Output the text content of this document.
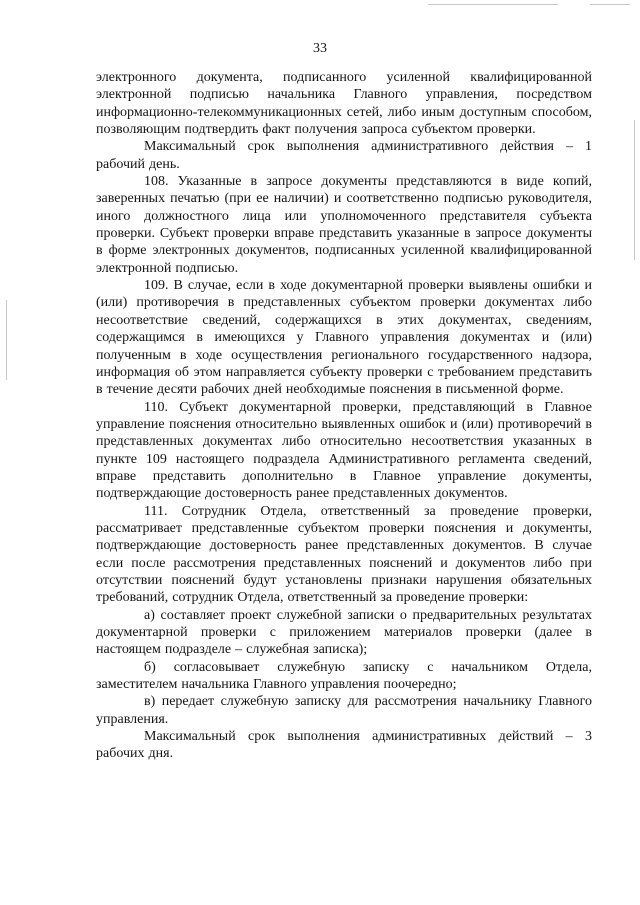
33

электронного документа, подписанного усиленной квалифицированной электронной подписью начальника Главного управления, посредством информационно-телекоммуникационных сетей, либо иным доступным способом, позволяющим подтвердить факт получения запроса субъектом проверки.

Максимальный срок выполнения административного действия – 1 рабочий день.

108. Указанные в запросе документы представляются в виде копий, заверенных печатью (при ее наличии) и соответственно подписью руководителя, иного должностного лица или уполномоченного представителя субъекта проверки. Субъект проверки вправе представить указанные в запросе документы в форме электронных документов, подписанных усиленной квалифицированной электронной подписью.

109. В случае, если в ходе документарной проверки выявлены ошибки и (или) противоречия в представленных субъектом проверки документах либо несоответствие сведений, содержащихся в этих документах, сведениям, содержащимся в имеющихся у Главного управления документах и (или) полученным в ходе осуществления регионального государственного надзора, информация об этом направляется субъекту проверки с требованием представить в течение десяти рабочих дней необходимые пояснения в письменной форме.

110. Субъект документарной проверки, представляющий в Главное управление пояснения относительно выявленных ошибок и (или) противоречий в представленных документах либо относительно несоответствия указанных в пункте 109 настоящего подраздела Административного регламента сведений, вправе представить дополнительно в Главное управление документы, подтверждающие достоверность ранее представленных документов.

111. Сотрудник Отдела, ответственный за проведение проверки, рассматривает представленные субъектом проверки пояснения и документы, подтверждающие достоверность ранее представленных документов. В случае если после рассмотрения представленных пояснений и документов либо при отсутствии пояснений будут установлены признаки нарушения обязательных требований, сотрудник Отдела, ответственный за проведение проверки:

а) составляет проект служебной записки о предварительных результатах документарной проверки с приложением материалов проверки (далее в настоящем подразделе – служебная записка);

б) согласовывает служебную записку с начальником Отдела, заместителем начальника Главного управления поочередно;

в) передает служебную записку для рассмотрения начальнику Главного управления.

Максимальный срок выполнения административных действий – 3 рабочих дня.
